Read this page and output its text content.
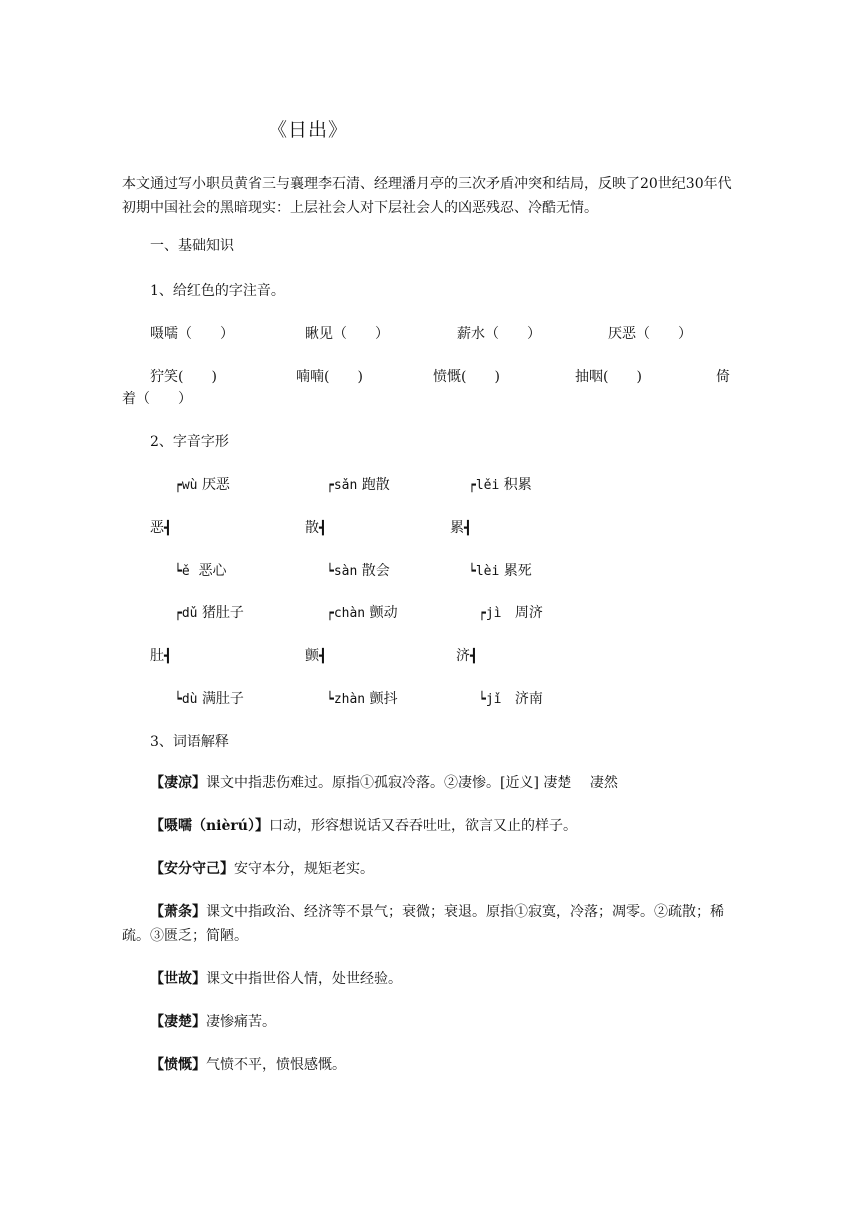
《日出》
本文通过写小职员黄省三与襄理李石清、经理潘月亭的三次矛盾冲突和结局，反映了20世纪30年代初期中国社会的黑暗现实：上层社会人对下层社会人的凶恶残忍、冷酷无情。
一、基础知识
1、给红色的字注音。
嗫嚅（　　）	瞅见（　　）	薪水（　　）	厌恶（　　）
狞笑(　　)	喃喃(　　)	愤慨(　　)	抽咽(　　)	倚
着（　　）
2、字音字形
┍wù 厌恶	┍sǎn 跑散	┍lěi 积累
恶┫	散┫	累┫
┕ě 恶心	┕sàn 散会	┕lèi 累死
┍dǔ 猪肚子	┍chàn 颤动	┍jì 周济
肚┫	颤┫	济┫
┕dù 满肚子	┕zhàn 颤抖	┕jǐ 济南
3、词语解释
【凄凉】课文中指悲伤难过。原指①孤寂冷落。②凄惨。[近义] 凄楚　 凄然
【嗫嚅（nièrú）】口动，形容想说话又吞吞吐吐，欲言又止的样子。
【安分守己】安守本分，规矩老实。
【萧条】课文中指政治、经济等不景气；衰微；衰退。原指①寂寞，冷落；凋零。②疏散；稀疏。③匮乏；简陋。
【世故】课文中指世俗人情，处世经验。
【凄楚】凄惨痛苦。
【愤慨】气愤不平，愤恨感慨。
